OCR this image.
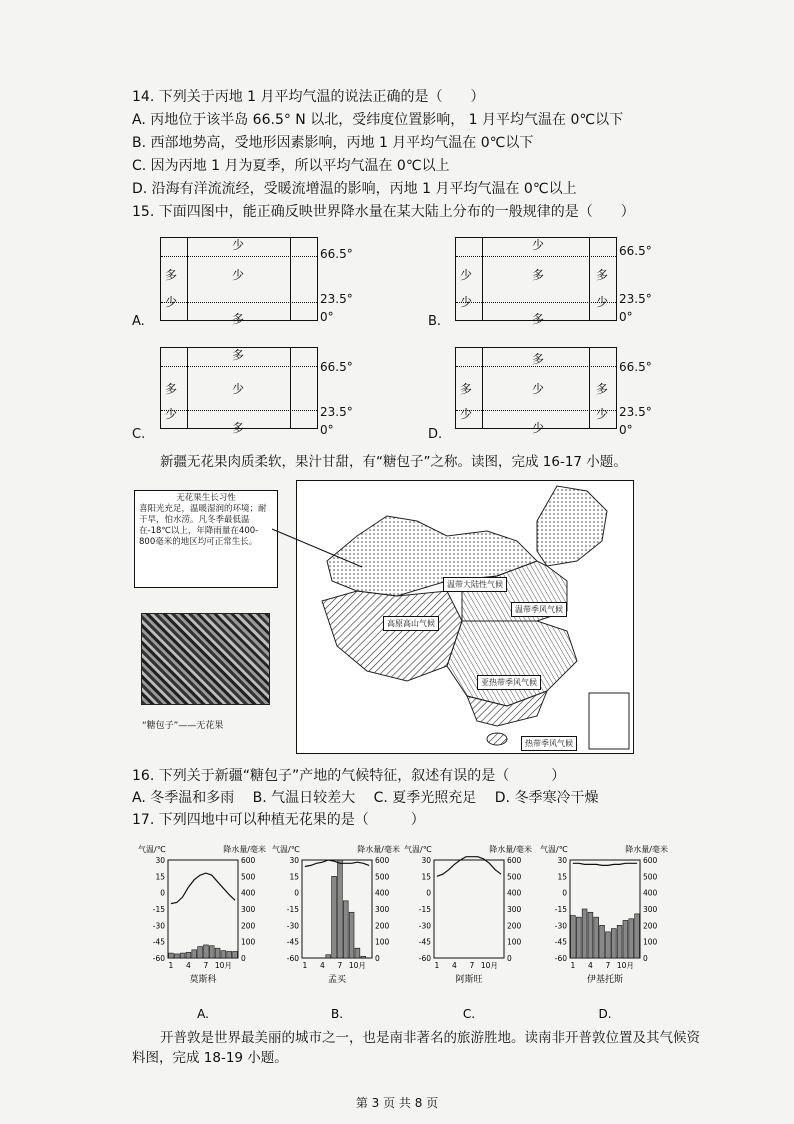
14. 下列关于丙地 1 月平均气温的说法正确的是（　　）
A. 丙地位于该半岛 66.5° N 以北，受纬度位置影响， 1 月平均气温在 0℃以下
B. 西部地势高，受地形因素影响，丙地 1 月平均气温在 0℃以下
C. 因为丙地 1 月为夏季，所以平均气温在 0℃以上
D. 沿海有洋流流经，受暖流增温的影响，丙地 1 月平均气温在 0℃以上
15. 下面四图中，能正确反映世界降水量在某大陆上分布的一般规律的是（　　）
少
多	少
少
多
66.5°
23.5°
0°
A.
少
少	多	多
少	少
多
66.5°
23.5°
0°
B.
多
多	少
少
多
66.5°
23.5°
0°
C.
多
多	少	多
少	少
少
66.5°
23.5°
0°
D.
新疆无花果肉质柔软，果汁甘甜，有“糖包子”之称。读图，完成 16-17 小题。
无花果生长习性
喜阳光充足，温暖湿润的环境；耐干旱，怕水涝。凡冬季最低温在-18℃以上，年降雨量在400-800毫米的地区均可正常生长。
“糖包子”——无花果
温带大陆性气候
温带季风气候
高原高山气候
亚热带季风气候
热带季风气候
16. 下列关于新疆“糖包子”产地的气候特征，叙述有误的是（　　　）
A. 冬季温和多雨　 B. 气温日较差大　 C. 夏季光照充足　 D. 冬季寒冷干燥
17. 下列四地中可以种植无花果的是（　　　）
气温/℃	降水量/毫米
30
15
0
-15
-30
-45
-60
600
500
400
300
200
100
0
1 4 7 10月
莫斯科
A.
气温/℃	降水量/毫米
30
15
0
-15
-30
-45
-60
600
500
400
300
200
100
0
1 4 7 10月
孟买
B.
气温/℃	降水量/毫米
30
15
0
-15
-30
-45
-60
600
500
400
300
200
100
0
1 4 7 10月
阿斯旺
C.
气温/℃	降水量/毫米
30
15
0
-15
-30
-45
-60
600
500
400
300
200
100
0
1 4 7 10月
伊基托斯
D.
开普敦是世界最美丽的城市之一，也是南非著名的旅游胜地。读南非开普敦位置及其气候资料图，完成 18-19 小题。
第 3 页 共 8 页
